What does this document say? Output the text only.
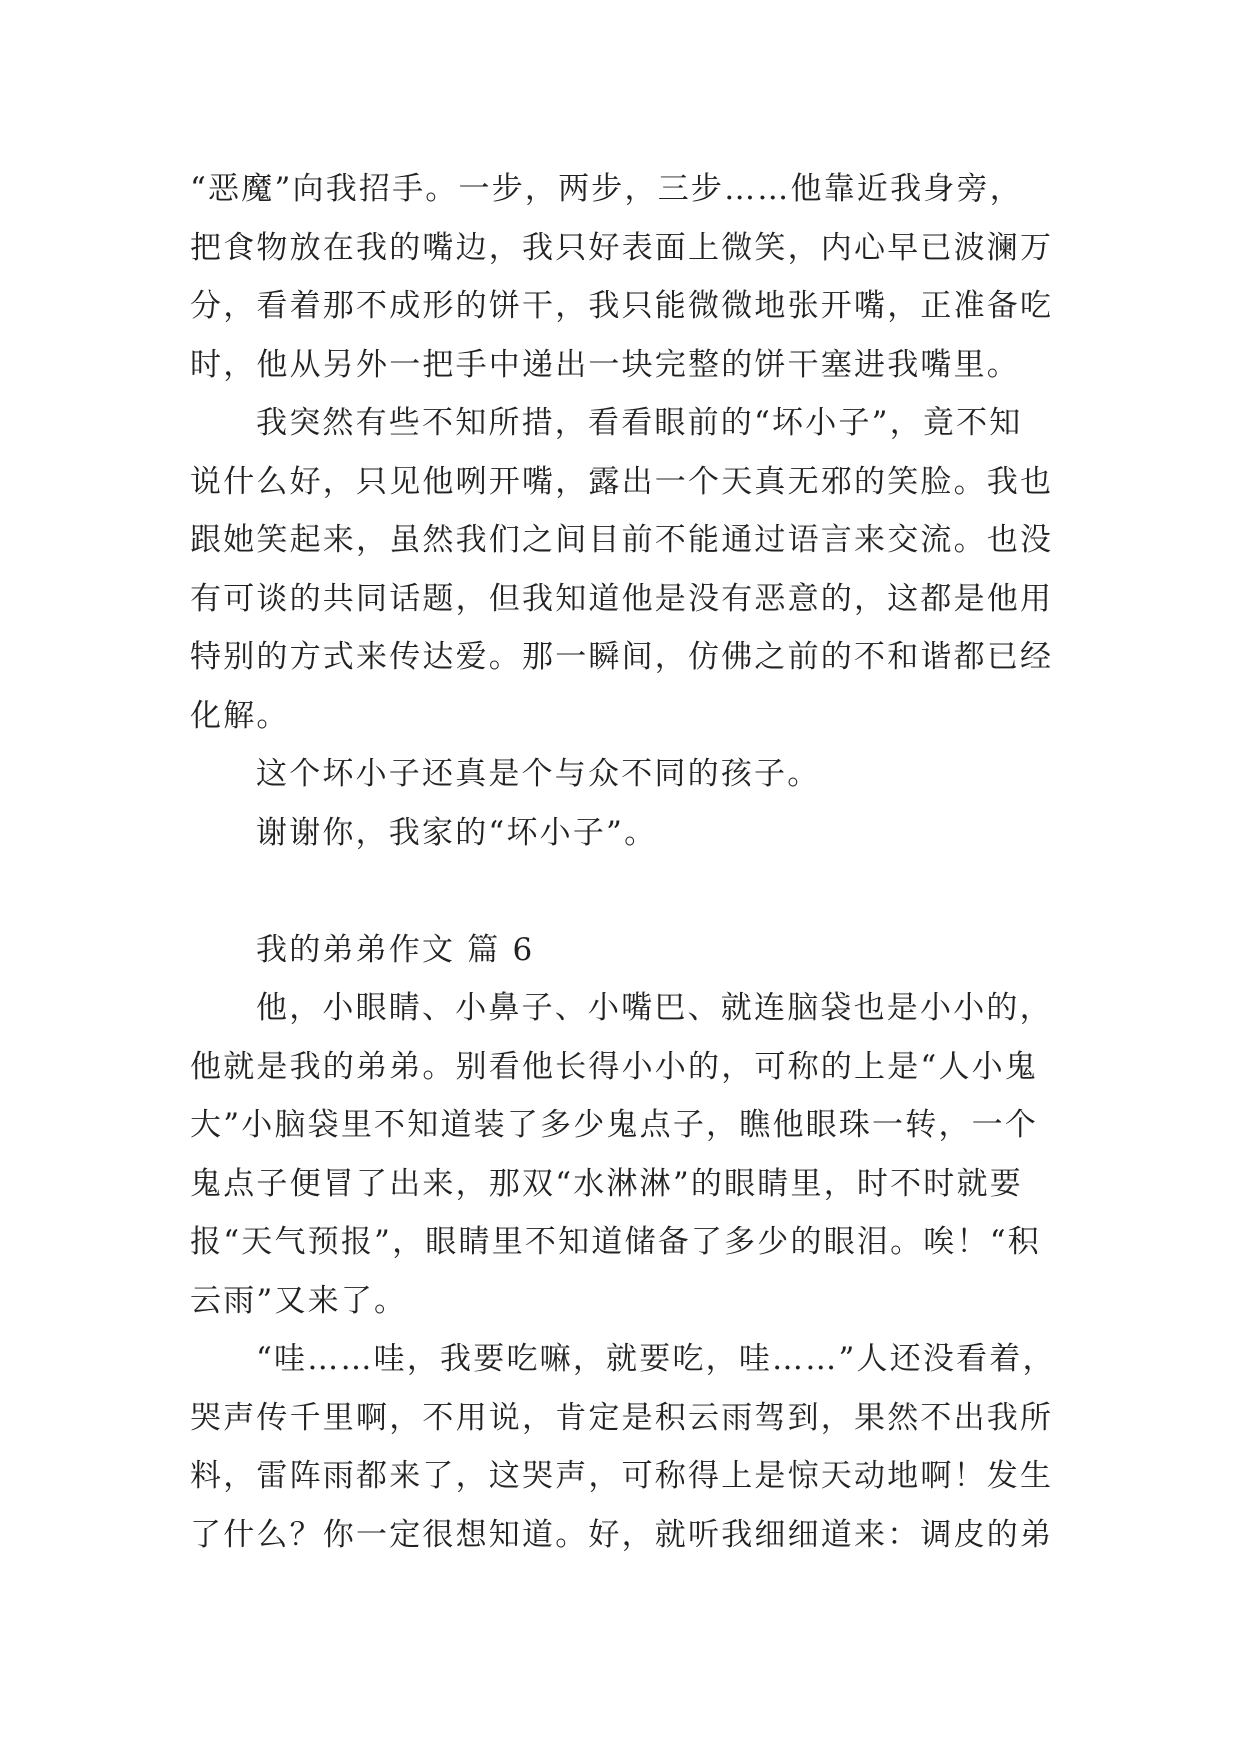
“恶魔”向我招手。一步，两步，三步……他靠近我身旁，
把食物放在我的嘴边，我只好表面上微笑，内心早已波澜万
分，看着那不成形的饼干，我只能微微地张开嘴，正准备吃
时，他从另外一把手中递出一块完整的饼干塞进我嘴里。
我突然有些不知所措，看看眼前的“坏小子”，竟不知
说什么好，只见他咧开嘴，露出一个天真无邪的笑脸。我也
跟她笑起来，虽然我们之间目前不能通过语言来交流。也没
有可谈的共同话题，但我知道他是没有恶意的，这都是他用
特别的方式来传达爱。那一瞬间，仿佛之前的不和谐都已经
化解。
这个坏小子还真是个与众不同的孩子。
谢谢你，我家的“坏小子”。
我的弟弟作文 篇 6
他，小眼睛、小鼻子、小嘴巴、就连脑袋也是小小的，
他就是我的弟弟。别看他长得小小的，可称的上是“人小鬼
大”小脑袋里不知道装了多少鬼点子，瞧他眼珠一转，一个
鬼点子便冒了出来，那双“水淋淋”的眼睛里，时不时就要
报“天气预报”，眼睛里不知道储备了多少的眼泪。唉！“积
云雨”又来了。
“哇……哇，我要吃嘛，就要吃，哇……”人还没看着，
哭声传千里啊，不用说，肯定是积云雨驾到，果然不出我所
料，雷阵雨都来了，这哭声，可称得上是惊天动地啊！发生
了什么？你一定很想知道。好，就听我细细道来：调皮的弟
